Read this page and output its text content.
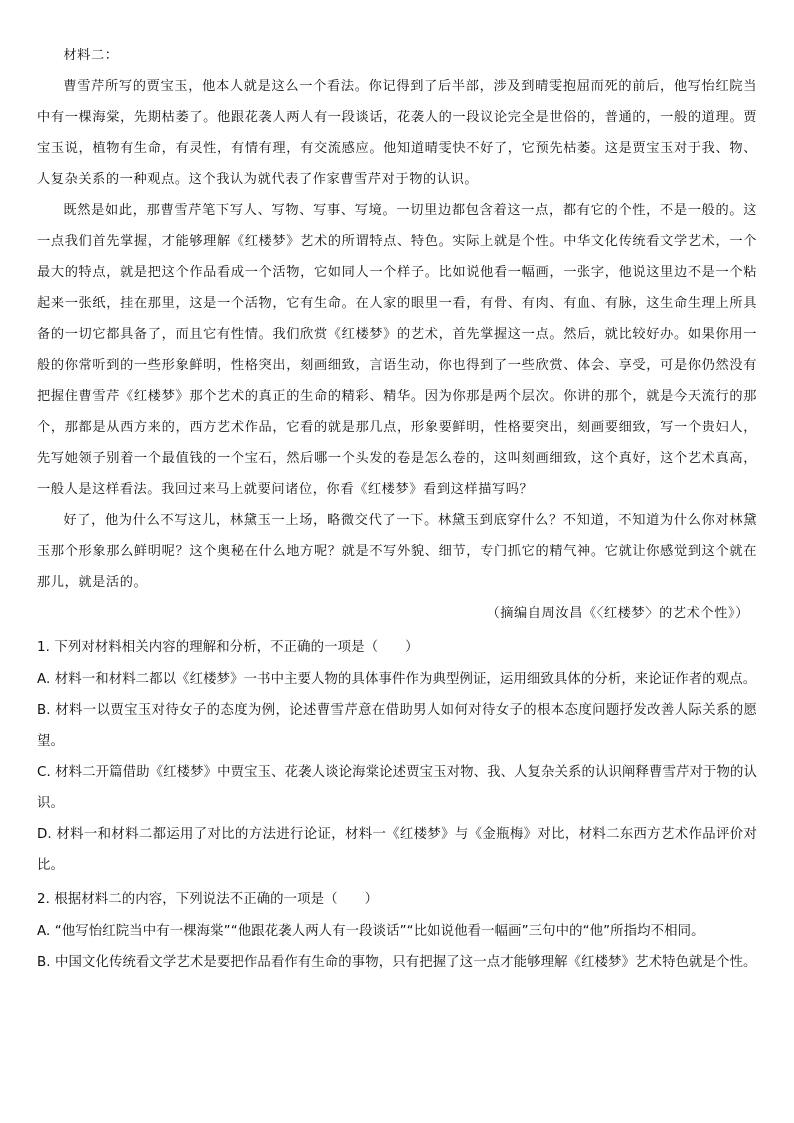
材料二：

曹雪芹所写的贾宝玉，他本人就是这么一个看法。你记得到了后半部，涉及到晴雯抱屈而死的前后，他写怡红院当中有一棵海棠，先期枯萎了。他跟花袭人两人有一段谈话，花袭人的一段议论完全是世俗的，普通的，一般的道理。贾宝玉说，植物有生命，有灵性，有情有理，有交流感应。他知道晴雯快不好了，它预先枯萎。这是贾宝玉对于我、物、人复杂关系的一种观点。这个我认为就代表了作家曹雪芹对于物的认识。

既然是如此，那曹雪芹笔下写人、写物、写事、写境。一切里边都包含着这一点，都有它的个性，不是一般的。这一点我们首先掌握，才能够理解《红楼梦》艺术的所谓特点、特色。实际上就是个性。中华文化传统看文学艺术，一个最大的特点，就是把这个作品看成一个活物，它如同人一个样子。比如说他看一幅画，一张字，他说这里边不是一个粘起来一张纸，挂在那里，这是一个活物，它有生命。在人家的眼里一看，有骨、有肉、有血、有脉，这生命生理上所具备的一切它都具备了，而且它有性情。我们欣赏《红楼梦》的艺术，首先掌握这一点。然后，就比较好办。如果你用一般的你常听到的一些形象鲜明，性格突出，刻画细致，言语生动，你也得到了一些欣赏、体会、享受，可是你仍然没有把握住曹雪芹《红楼梦》那个艺术的真正的生命的精彩、精华。因为你那是两个层次。你讲的那个，就是今天流行的那个，那都是从西方来的，西方艺术作品，它看的就是那几点，形象要鲜明，性格要突出，刻画要细致，写一个贵妇人，先写她领子别着一个最值钱的一个宝石，然后哪一个头发的卷是怎么卷的，这叫刻画细致，这个真好，这个艺术真高，一般人是这样看法。我回过来马上就要问诸位，你看《红楼梦》看到这样描写吗？

好了，他为什么不写这儿，林黛玉一上场，略微交代了一下。林黛玉到底穿什么？不知道，不知道为什么你对林黛玉那个形象那么鲜明呢？这个奥秘在什么地方呢？就是不写外貌、细节，专门抓它的精气神。它就让你感觉到这个就在那儿，就是活的。

（摘编自周汝昌《〈红楼梦〉的艺术个性》）

1. 下列对材料相关内容的理解和分析，不正确的一项是（　　）

A. 材料一和材料二都以《红楼梦》一书中主要人物的具体事件作为典型例证，运用细致具体的分析，来论证作者的观点。

B. 材料一以贾宝玉对待女子的态度为例，论述曹雪芹意在借助男人如何对待女子的根本态度问题抒发改善人际关系的愿望。

C. 材料二开篇借助《红楼梦》中贾宝玉、花袭人谈论海棠论述贾宝玉对物、我、人复杂关系的认识阐释曹雪芹对于物的认识。

D. 材料一和材料二都运用了对比的方法进行论证，材料一《红楼梦》与《金瓶梅》对比，材料二东西方艺术作品评价对比。

2. 根据材料二的内容，下列说法不正确的一项是（　　）

A. “他写怡红院当中有一棵海棠”“他跟花袭人两人有一段谈话”“比如说他看一幅画”三句中的“他”所指均不相同。

B. 中国文化传统看文学艺术是要把作品看作有生命的事物，只有把握了这一点才能够理解《红楼梦》艺术特色就是个性。
